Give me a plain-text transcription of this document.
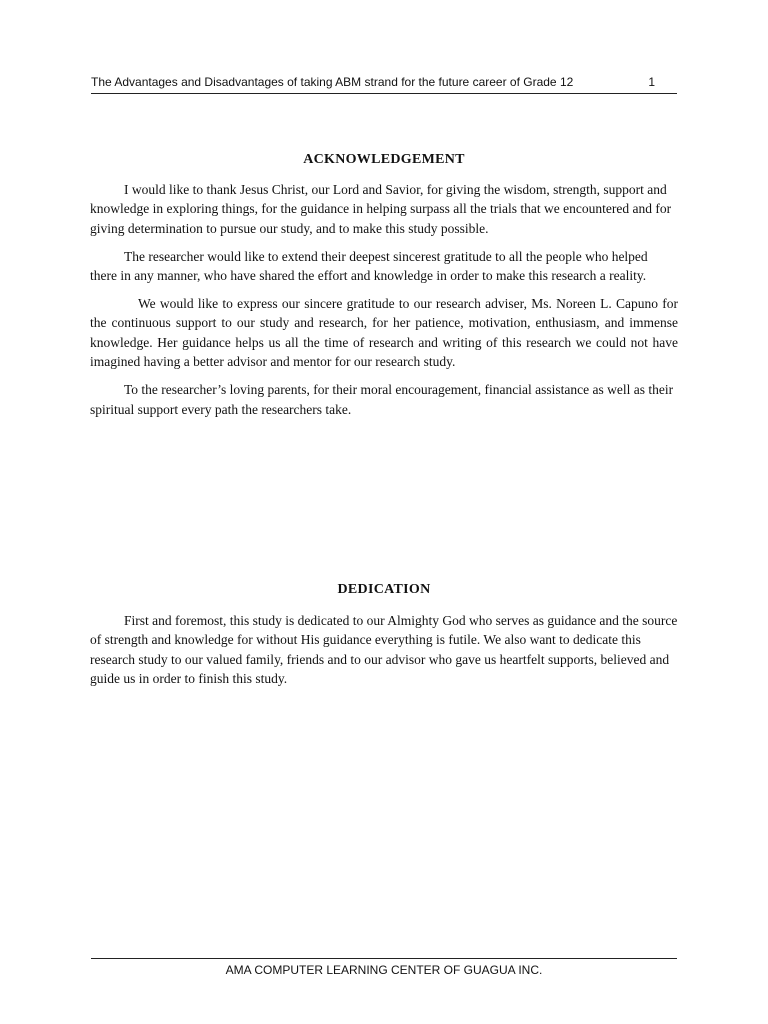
The Advantages and Disadvantages of taking ABM strand for the future career of Grade 12	1
ACKNOWLEDGEMENT

I would like to thank Jesus Christ, our Lord and Savior, for giving the wisdom, strength, support and knowledge in exploring things, for the guidance in helping surpass all the trials that we encountered and for giving determination to pursue our study, and to make this study possible.

The researcher would like to extend their deepest sincerest gratitude to all the people who helped there in any manner, who have shared the effort and knowledge in order to make this research a reality.

We would like to express our sincere gratitude to our research adviser, Ms. Noreen L. Capuno for the continuous support to our study and research, for her patience, motivation, enthusiasm, and immense knowledge. Her guidance helps us all the time of research and writing of this research we could not have imagined having a better advisor and mentor for our research study.

To the researcher’s loving parents, for their moral encouragement, financial assistance as well as their spiritual support every path the researchers take.

DEDICATION

First and foremost, this study is dedicated to our Almighty God who serves as guidance and the source of strength and knowledge for without His guidance everything is futile. We also want to dedicate this research study to our valued family, friends and to our advisor who gave us heartfelt supports, believed and guide us in order to finish this study.

AMA COMPUTER LEARNING CENTER OF GUAGUA INC.
